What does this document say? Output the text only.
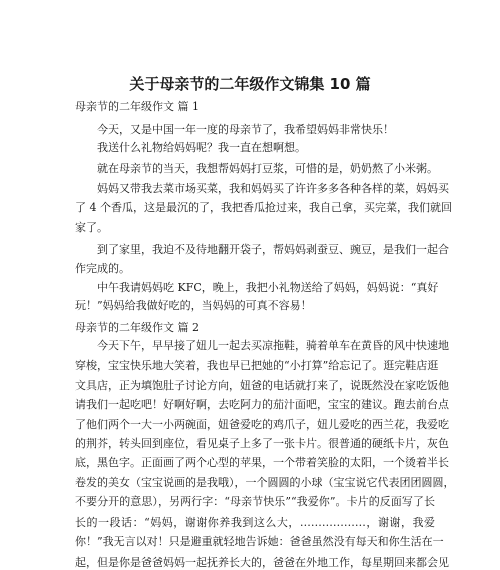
关于母亲节的二年级作文锦集 10 篇
母亲节的二年级作文 篇 1
　　今天，又是中国一年一度的母亲节了，我希望妈妈非常快乐！
　　我送什么礼物给妈妈呢？我一直在想啊想。
　　就在母亲节的当天，我想帮妈妈打豆浆，可惜的是，奶奶熬了小米粥。
　　妈妈又带我去菜市场买菜，我和妈妈买了许许多多各种各样的菜，妈妈买
了 4 个香瓜，这是最沉的了，我把香瓜抢过来，我自己拿，买完菜，我们就回
家了。
　　到了家里，我迫不及待地翻开袋子，帮妈妈剥蚕豆、豌豆，是我们一起合
作完成的。
　　中午我请妈妈吃 KFC，晚上，我把小礼物送给了妈妈，妈妈说：“真好
玩！”妈妈给我做好吃的，当妈妈的可真不容易！
母亲节的二年级作文 篇 2
　　今天下午，早早接了妞儿一起去买凉拖鞋，骑着单车在黄昏的风中快速地
穿梭，宝宝快乐地大笑着，我也早已把她的“小打算”给忘记了。逛完鞋店逛
文具店，正为填饱肚子讨论方向，妞爸的电话就打来了，说既然没在家吃饭他
请我们一起吃吧！好啊好啊，去吃阿力的茄汁面吧，宝宝的建议。跑去前台点
了他们两个一大一小两碗面，妞爸爱吃的鸡爪子，妞儿爱吃的西兰花，我爱吃
的荆芥，转头回到座位，看见桌子上多了一张卡片。很普通的硬纸卡片，灰色
底，黑色字。正面画了两个心型的苹果，一个带着笑脸的太阳，一个烫着半长
卷发的美女（宝宝说画的是我哦），一个圆圆的小球（宝宝说它代表团团圆圆，
不要分开的意思），另两行字：“母亲节快乐”“我爱你”。卡片的反面写了长
长的一段话：“妈妈，谢谢你养我到这么大，………………，谢谢，我爱
你！”我无言以对！只是避重就轻地告诉她：爸爸虽然没有每天和你生活在一
起，但是你是爸爸妈妈一起抚养长大的，爸爸在外地工作，每星期回来都会见
